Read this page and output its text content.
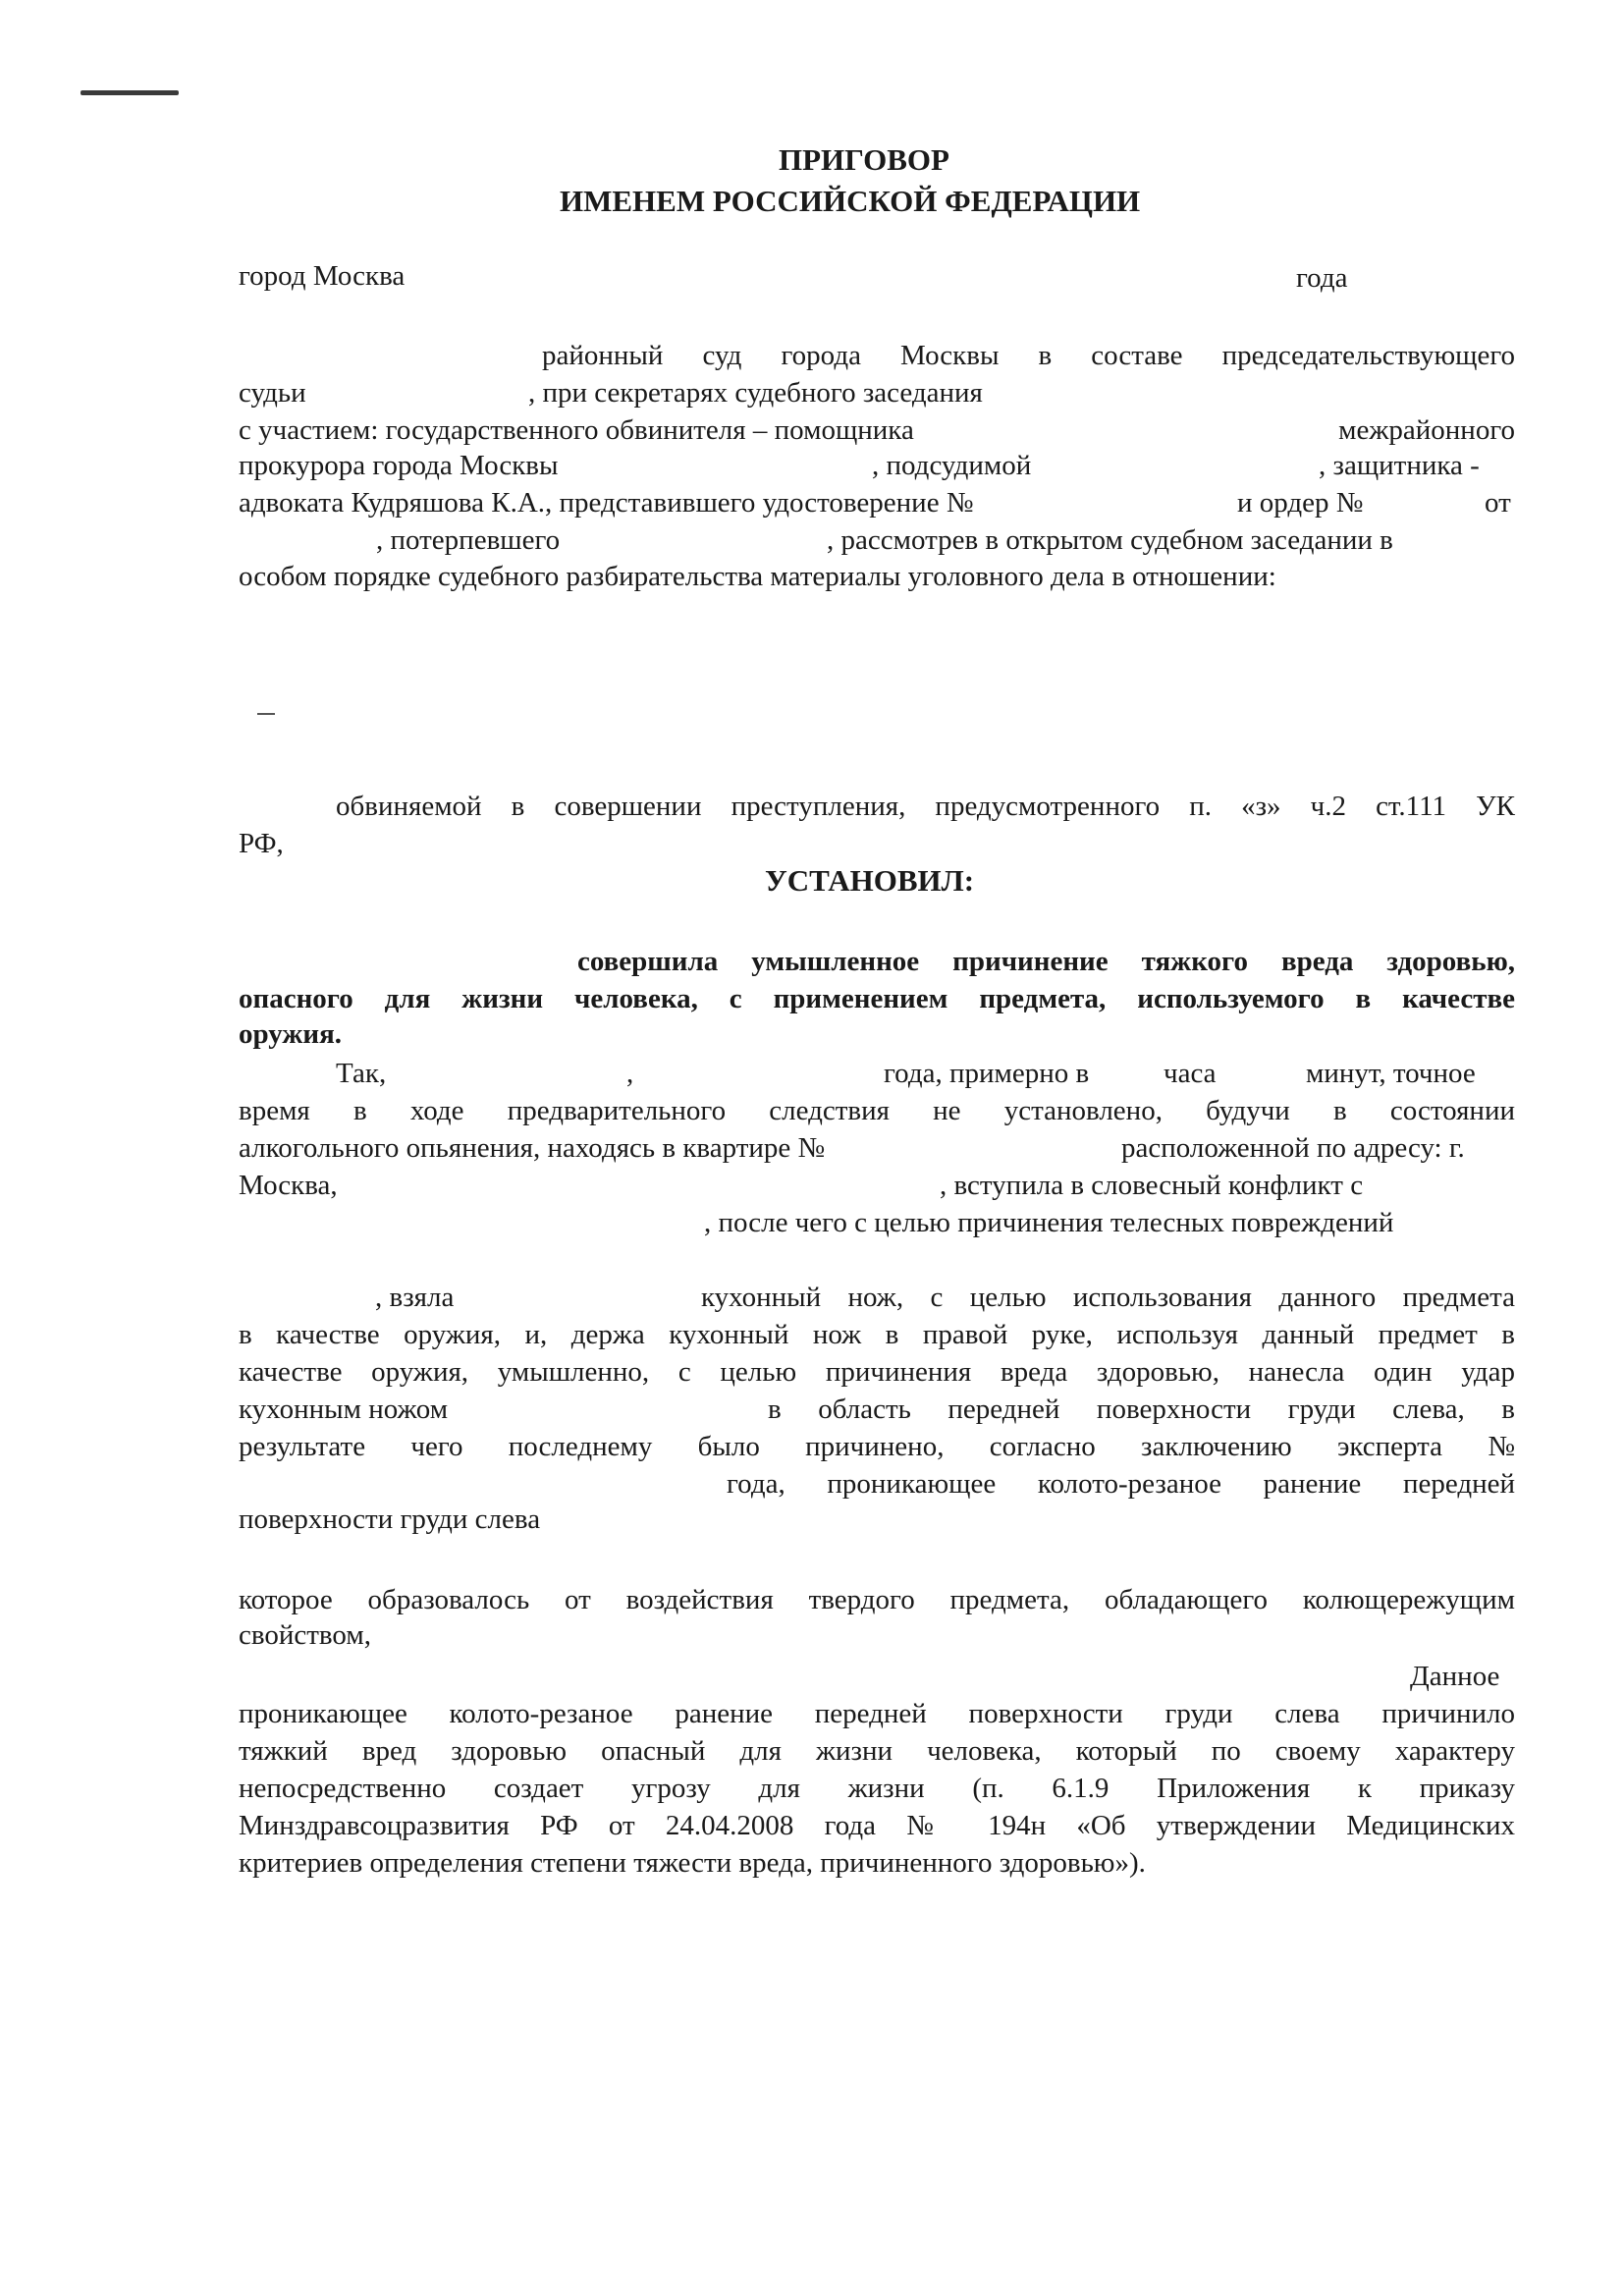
ПРИГОВОР

ИМЕНЕМ РОССИЙСКОЙ ФЕДЕРАЦИИ

город Москва	года

районный суд города Москвы в составе председательствующего

судьи	, при секретарях судебного заседания

с участием: государственного обвинителя – помощника	межрайонного

прокурора города Москвы	, подсудимой	, защитника -

адвоката Кудряшова К.А., представившего удостоверение №	и ордер №	от

, потерпевшего	, рассмотрев в открытом судебном заседании в

особом порядке судебного разбирательства материалы уголовного дела в отношении:

обвиняемой в совершении преступления, предусмотренного п. «з» ч.2 ст.111 УК

РФ,

УСТАНОВИЛ:

совершила умышленное причинение тяжкого вреда здоровью,

опасного для жизни человека, с применением предмета, используемого в качестве

оружия.

Так,	,	года, примерно в	часа	минут, точное

время в ходе предварительного следствия не установлено, будучи в состоянии

алкогольного опьянения, находясь в квартире №	расположенной по адресу: г.

Москва,	, вступила в словесный конфликт с

, после чего с целью причинения телесных повреждений

, взяла	кухонный нож, с целью использования данного предмета

в качестве оружия, и, держа кухонный нож в правой руке, используя данный предмет в

качестве оружия, умышленно, с целью причинения вреда здоровью, нанесла один удар

кухонным ножом	в область передней поверхности груди слева, в

результате чего последнему было причинено, согласно заключению эксперта №

года, проникающее колото-резаное ранение передней

поверхности груди слева

которое образовалось от воздействия твердого предмета, обладающего колющережущим

свойством,

Данное

проникающее колото-резаное ранение передней поверхности груди слева причинило

тяжкий вред здоровью опасный для жизни человека, который по своему характеру

непосредственно создает угрозу для жизни (п. 6.1.9 Приложения к приказу

Минздравсоцразвития РФ от 24.04.2008 года № 194н «Об утверждении Медицинских

критериев определения степени тяжести вреда, причиненного здоровью»).
